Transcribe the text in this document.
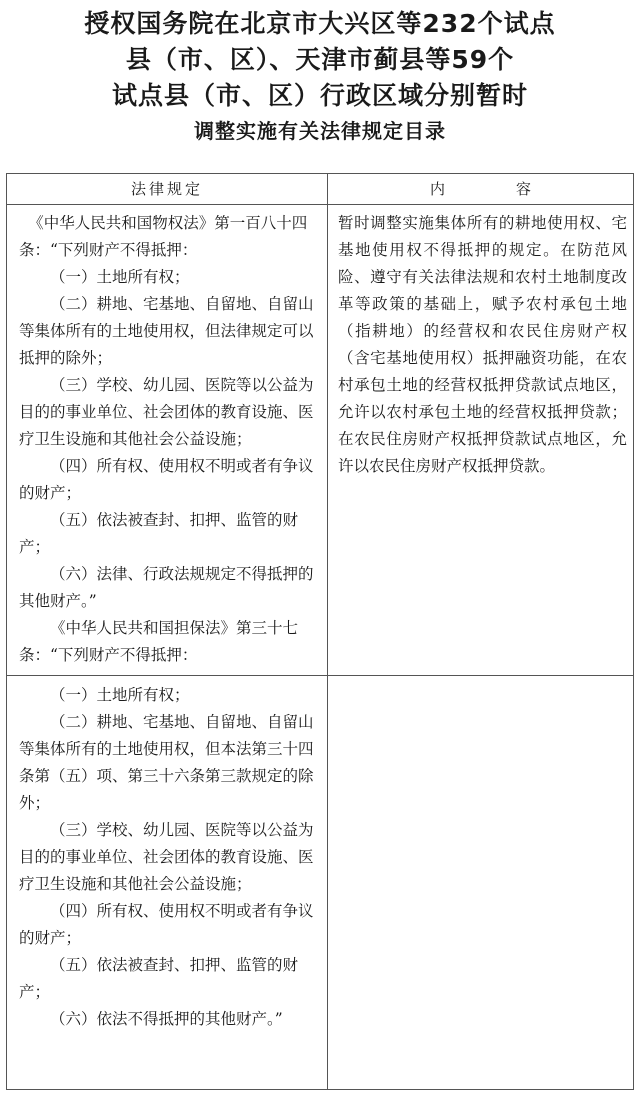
授权国务院在北京市大兴区等232个试点
县（市、区）、天津市蓟县等59个
试点县（市、区）行政区域分别暂时
调整实施有关法律规定目录
法律规定	内　容

《中华人民共和国物权法》第一百八十四条：“下列财产不得抵押：

（一）土地所有权；

（二）耕地、宅基地、自留地、自留山等集体所有的土地使用权，但法律规定可以抵押的除外；

（三）学校、幼儿园、医院等以公益为目的的事业单位、社会团体的教育设施、医疗卫生设施和其他社会公益设施；

（四）所有权、使用权不明或者有争议的财产；

（五）依法被查封、扣押、监管的财产；

（六）法律、行政法规规定不得抵押的其他财产。”

《中华人民共和国担保法》第三十七条：“下列财产不得抵押：

暂时调整实施集体所有的耕地使用权、宅基地使用权不得抵押的规定。在防范风险、遵守有关法律法规和农村土地制度改革等政策的基础上，赋予农村承包土地（指耕地）的经营权和农民住房财产权（含宅基地使用权）抵押融资功能，在农村承包土地的经营权抵押贷款试点地区，允许以农村承包土地的经营权抵押贷款；在农民住房财产权抵押贷款试点地区，允许以农民住房财产权抵押贷款。

（一）土地所有权；

（二）耕地、宅基地、自留地、自留山等集体所有的土地使用权，但本法第三十四条第（五）项、第三十六条第三款规定的除外；

（三）学校、幼儿园、医院等以公益为目的的事业单位、社会团体的教育设施、医疗卫生设施和其他社会公益设施；

（四）所有权、使用权不明或者有争议的财产；

（五）依法被查封、扣押、监管的财产；

（六）依法不得抵押的其他财产。”
